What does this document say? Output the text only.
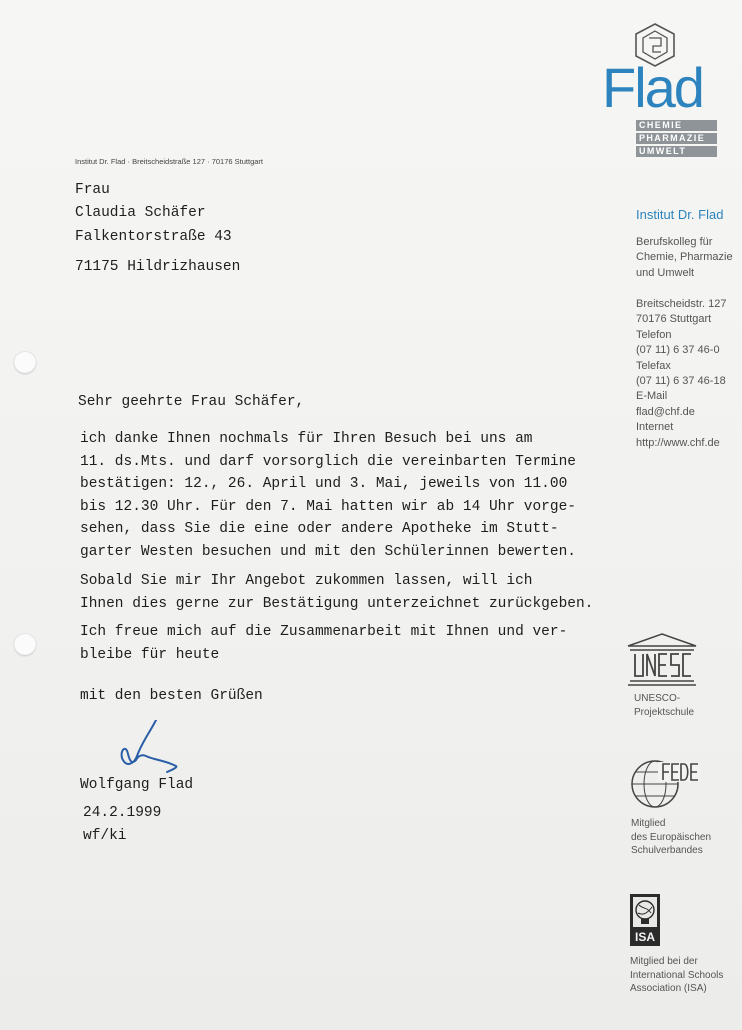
Flad
CHEMIE
PHARMAZIE
UMWELT
Institut Dr. Flad · Breitscheidstraße 127 · 70176 Stuttgart
Frau
Claudia Schäfer
Falkentorstraße 43
71175 Hildrizhausen
Institut Dr. Flad
Berufskolleg für
Chemie, Pharmazie
und Umwelt
Breitscheidstr. 127
70176 Stuttgart
Telefon
(07 11) 6 37 46-0
Telefax
(07 11) 6 37 46-18
E-Mail
flad@chf.de
Internet
http://www.chf.de
Sehr geehrte Frau Schäfer,
ich danke Ihnen nochmals für Ihren Besuch bei uns am
11. ds.Mts. und darf vorsorglich die vereinbarten Termine
bestätigen: 12., 26. April und 3. Mai, jeweils von 11.00
bis 12.30 Uhr. Für den 7. Mai hatten wir ab 14 Uhr vorge-
sehen, dass Sie die eine oder andere Apotheke im Stutt-
garter Westen besuchen und mit den Schülerinnen bewerten.
Sobald Sie mir Ihr Angebot zukommen lassen, will ich
Ihnen dies gerne zur Bestätigung unterzeichnet zurückgeben.
Ich freue mich auf die Zusammenarbeit mit Ihnen und ver-
bleibe für heute
mit den besten Grüßen
Wolfgang Flad
24.2.1999
wf/ki
UNESCO-
Projektschule
Mitglied
des Europäischen
Schulverbandes
ISA
Mitglied bei der
International Schools
Association (ISA)
